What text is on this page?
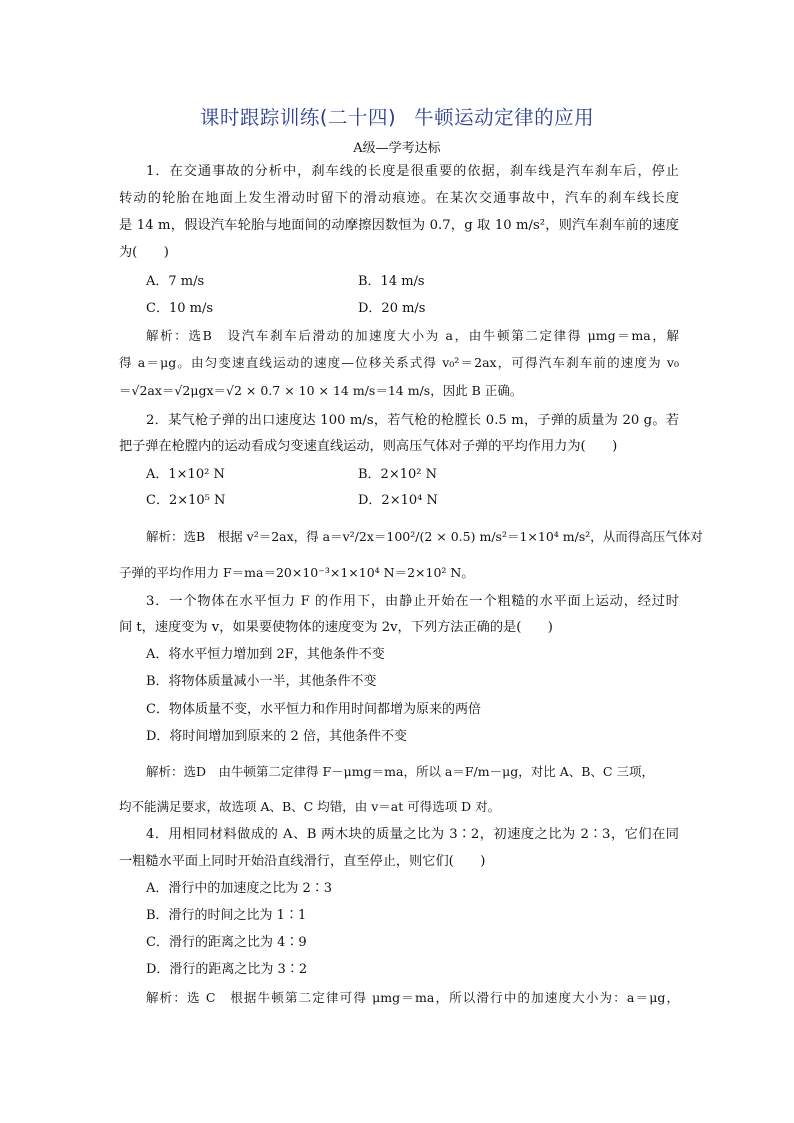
课时跟踪训练(二十四) 牛顿运动定律的应用
A级—学考达标
1．在交通事故的分析中，刹车线的长度是很重要的依据，刹车线是汽车刹车后，停止
转动的轮胎在地面上发生滑动时留下的滑动痕迹。在某次交通事故中，汽车的刹车线长度
是 14 m，假设汽车轮胎与地面间的动摩擦因数恒为 0.7，g 取 10 m/s²，则汽车刹车前的速度
为(　　)
A．7 m/s	B．14 m/s
C．10 m/s	D．20 m/s
解析：选B　设汽车刹车后滑动的加速度大小为 a，由牛顿第二定律得 μmg＝ma，解
得 a＝μg。由匀变速直线运动的速度—位移关系式得 v₀²＝2ax，可得汽车刹车前的速度为 v₀
＝√2ax＝√2μgx＝√2 × 0.7 × 10 × 14 m/s＝14 m/s，因此 B 正确。
2．某气枪子弹的出口速度达 100 m/s，若气枪的枪膛长 0.5 m，子弹的质量为 20 g。若
把子弹在枪膛内的运动看成匀变速直线运动，则高压气体对子弹的平均作用力为(　　)
A．1×10² N	B．2×10² N
C．2×10⁵ N	D．2×10⁴ N
解析：选B　根据 v²＝2ax，得 a＝v²/2x＝100²/(2 × 0.5) m/s²＝1×10⁴ m/s²，从而得高压气体对
子弹的平均作用力 F＝ma＝20×10⁻³×1×10⁴ N＝2×10² N。
3．一个物体在水平恒力 F 的作用下，由静止开始在一个粗糙的水平面上运动，经过时
间 t，速度变为 v，如果要使物体的速度变为 2v，下列方法正确的是(　　)
A．将水平恒力增加到 2F，其他条件不变
B．将物体质量减小一半，其他条件不变
C．物体质量不变，水平恒力和作用时间都增为原来的两倍
D．将时间增加到原来的 2 倍，其他条件不变
解析：选D　由牛顿第二定律得 F－μmg＝ma，所以 a＝F/m－μg，对比 A、B、C 三项，
均不能满足要求，故选项 A、B、C 均错，由 v＝at 可得选项 D 对。
4．用相同材料做成的 A、B 两木块的质量之比为 3∶2，初速度之比为 2∶3，它们在同
一粗糙水平面上同时开始沿直线滑行，直至停止，则它们(　　)
A．滑行中的加速度之比为 2∶3
B．滑行的时间之比为 1∶1
C．滑行的距离之比为 4∶9
D．滑行的距离之比为 3∶2
解析：选 C　根据牛顿第二定律可得 μmg＝ma，所以滑行中的加速度大小为：a＝μg，
